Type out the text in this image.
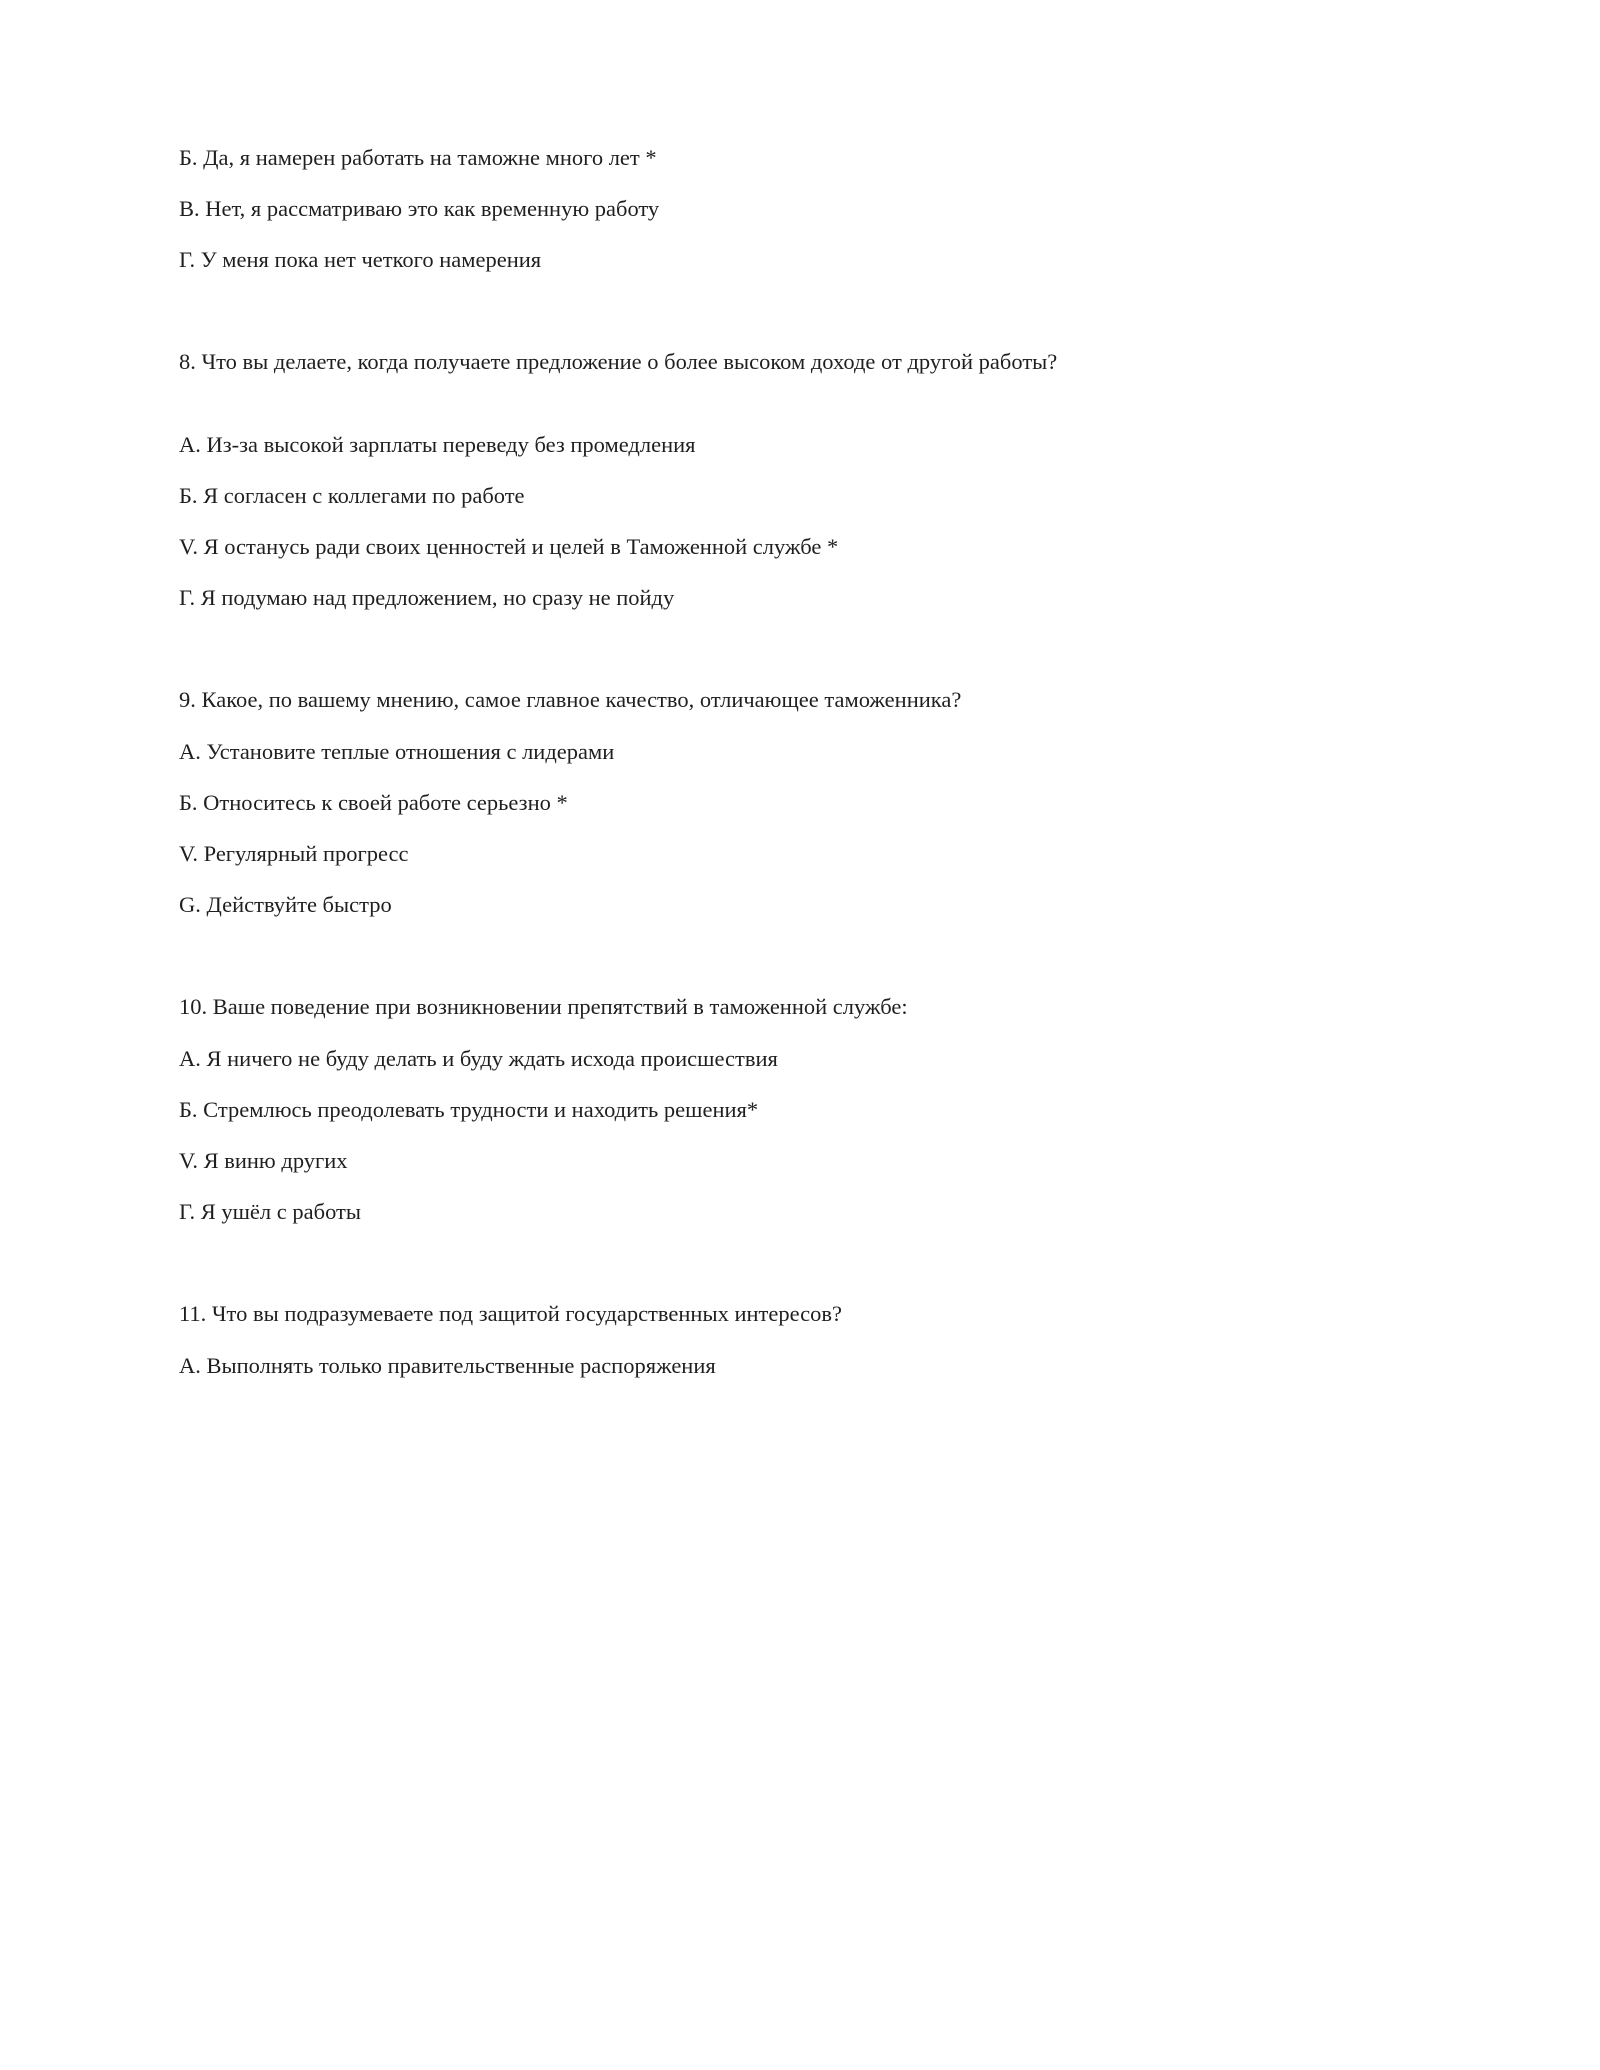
Б. Да, я намерен работать на таможне много лет *
В. Нет, я рассматриваю это как временную работу
Г. У меня пока нет четкого намерения
8. Что вы делаете, когда получаете предложение о более высоком доходе от другой работы?
А. Из-за высокой зарплаты переведу без промедления
Б. Я согласен с коллегами по работе
V. Я останусь ради своих ценностей и целей в Таможенной службе *
Г. Я подумаю над предложением, но сразу не пойду
9. Какое, по вашему мнению, самое главное качество, отличающее таможенника?
А. Установите теплые отношения с лидерами
Б. Относитесь к своей работе серьезно *
V. Регулярный прогресс
G. Действуйте быстро
10. Ваше поведение при возникновении препятствий в таможенной службе:
А. Я ничего не буду делать и буду ждать исхода происшествия
Б. Стремлюсь преодолевать трудности и находить решения*
V. Я виню других
Г. Я ушёл с работы
11. Что вы подразумеваете под защитой государственных интересов?
А. Выполнять только правительственные распоряжения
